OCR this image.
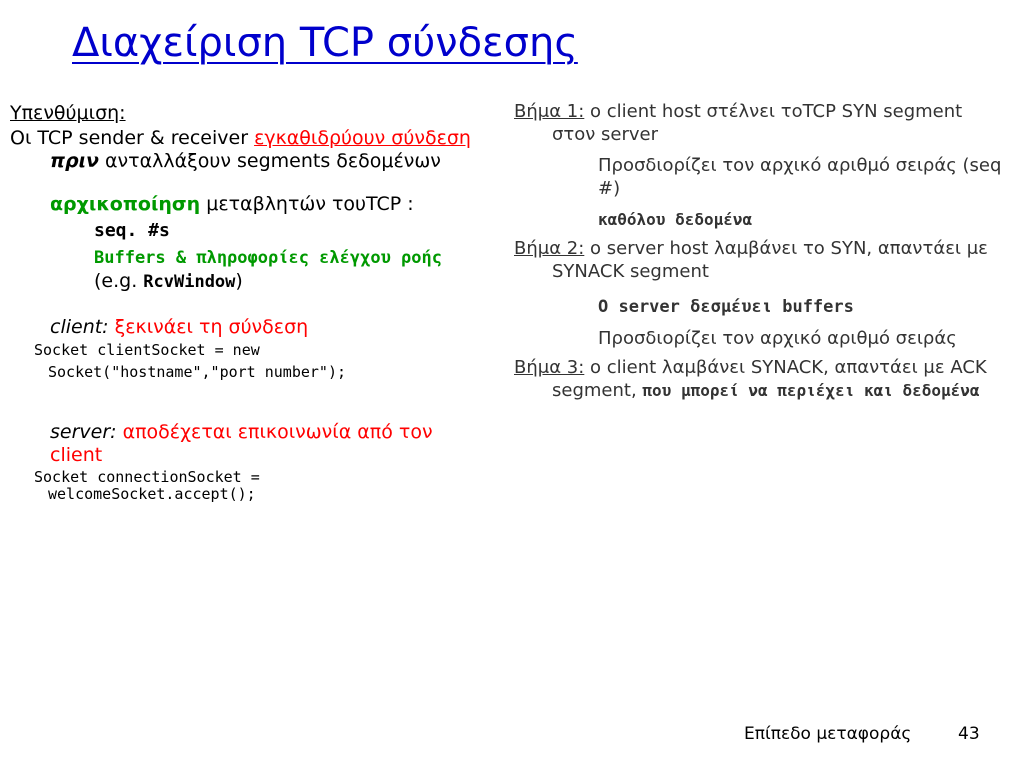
Διαχείριση TCP σύνδεσης
Υπενθύμιση:
Οι TCP sender & receiver εγκαθιδρύουν σύνδεση πριν ανταλλάξουν segments δεδομένων
αρχικοποίηση μεταβλητών τουTCP :
seq. #s
Buffers & πληροφορίες ελέγχου ροής (e.g. RcvWindow)
client: ξεκινάει τη σύνδεση
Socket clientSocket = new
Socket("hostname","port number");
server: αποδέχεται επικοινωνία από τον client
Socket connectionSocket =
welcomeSocket.accept();
Βήμα 1: o client host στέλνει τοTCP SYN segment στον server
Προσδιορίζει τον αρχικό αριθμό σειράς (seq #)
καθόλου δεδομένα
Βήμα 2: o server host λαμβάνει το SYN, απαντάει με SYNACK segment
O server δεσμέυει buffers
Προσδιορίζει τον αρχικό αριθμό σειράς
Βήμα 3: o client λαμβάνει SYNACK, απαντάει με ACK segment, που μπορεί να περιέχει και δεδομένα
Επίπεδο μεταφοράς	43
